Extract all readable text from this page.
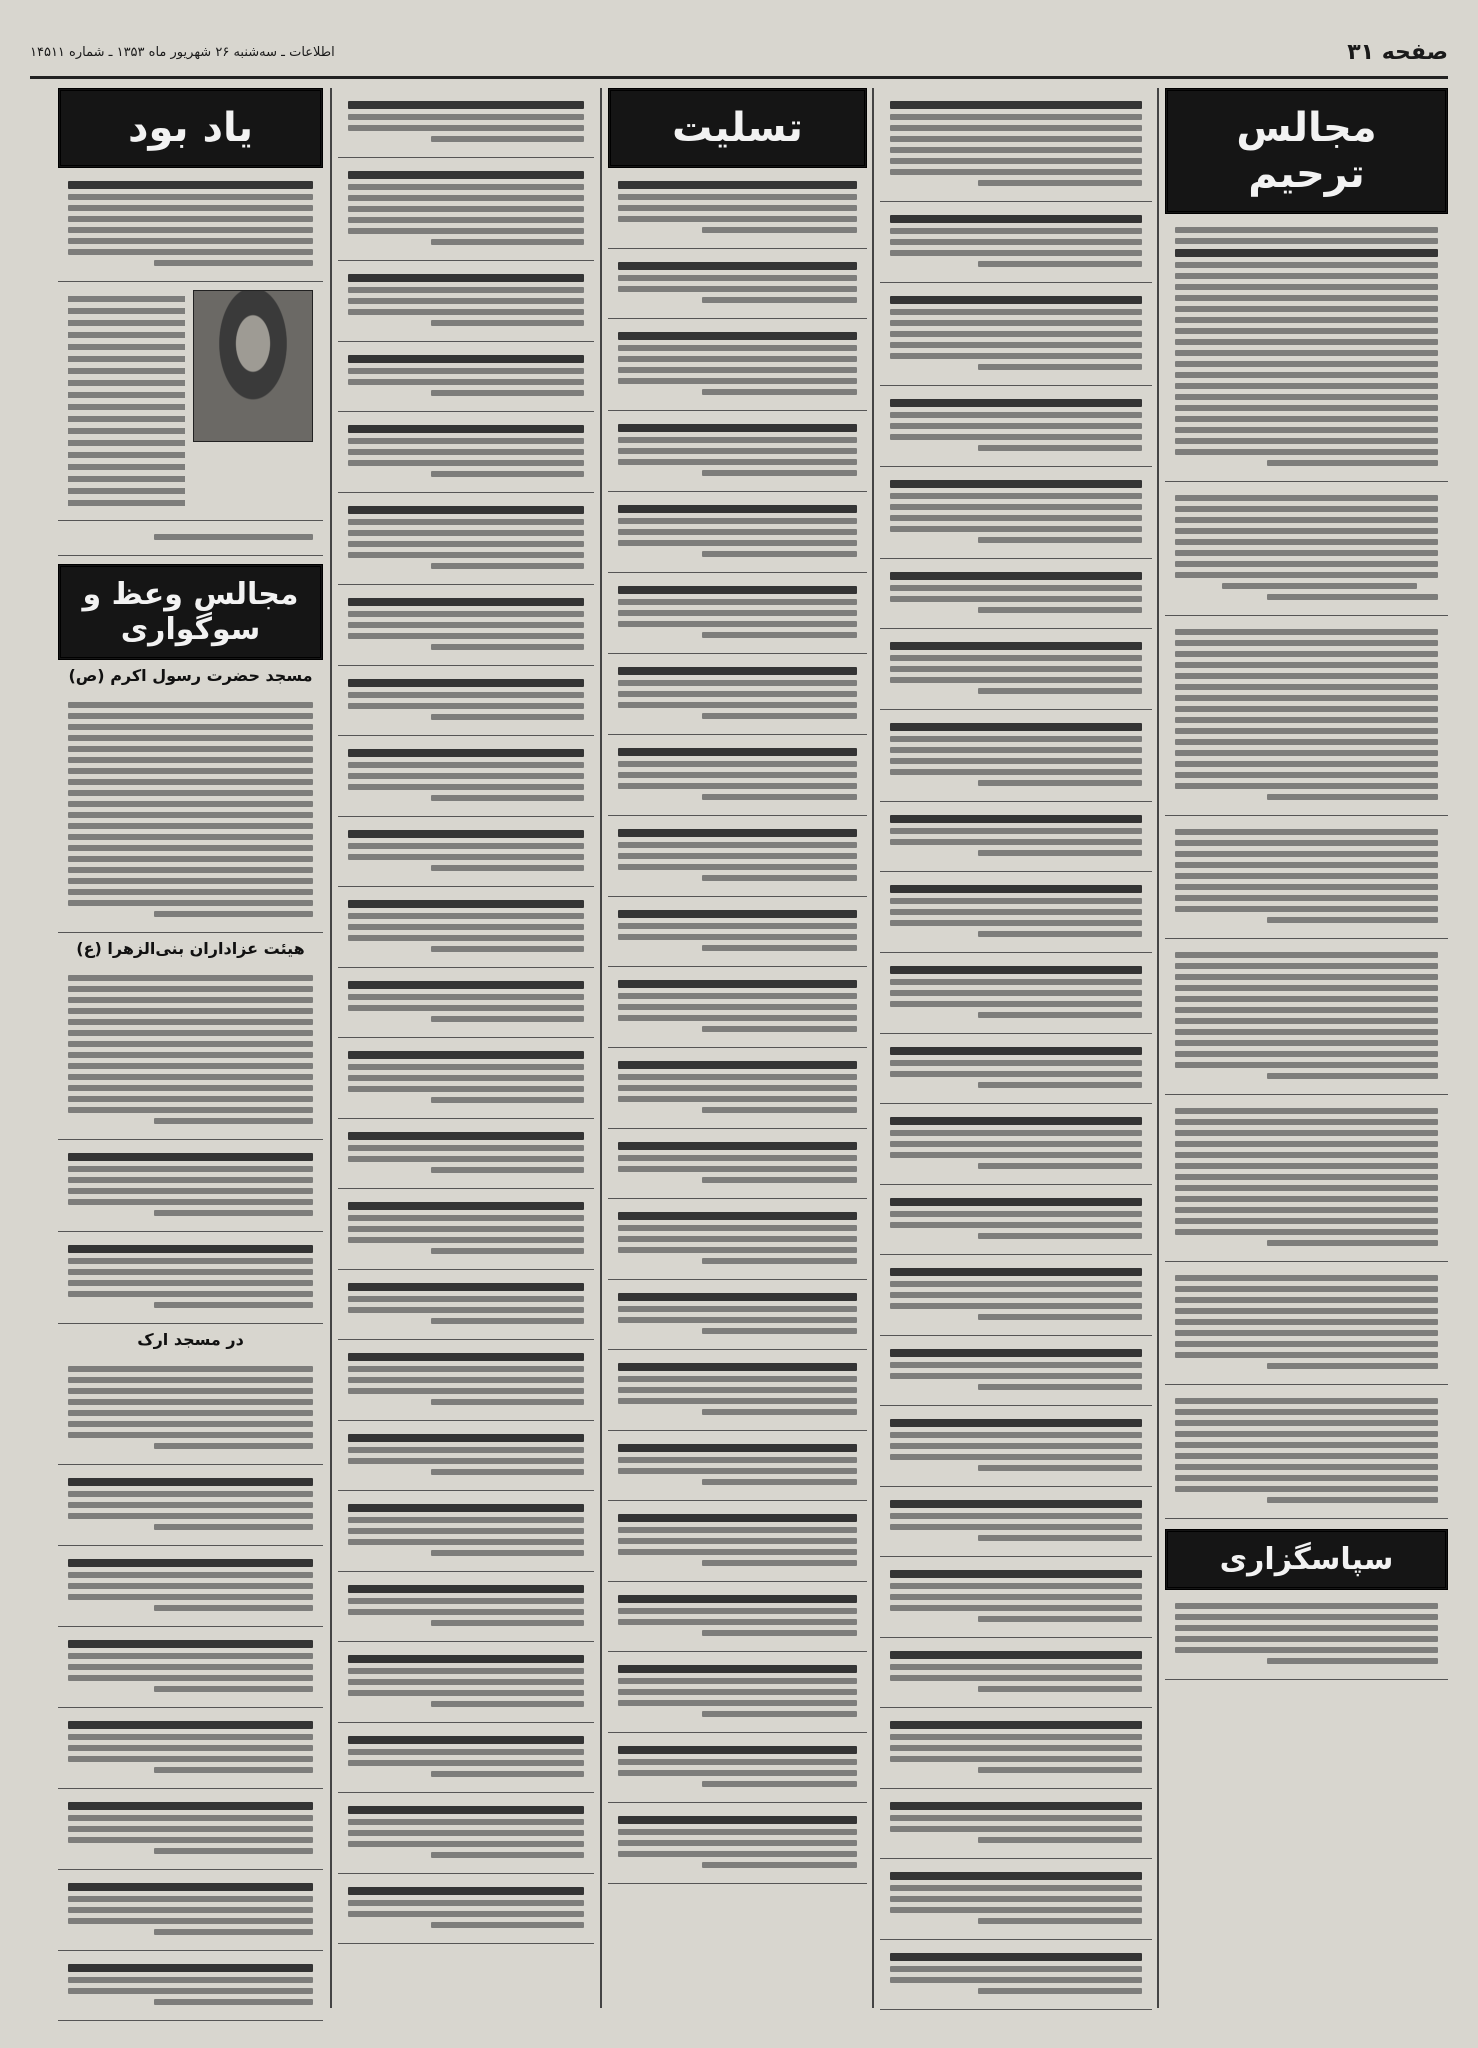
صفحه ۳۱
اطلاعات ـ سه‌شنبه ۲۶ شهریور ماه ۱۳۵۳ ـ شماره ۱۴۵۱۱
مجالس ترحیم
سپاسگزاری
تسلیت
یاد بود
مجالس وعظ و سوگواری
مسجد حضرت رسول اکرم (ص)
هیئت عزاداران بنی‌الزهرا (ع)
در مسجد ارک
